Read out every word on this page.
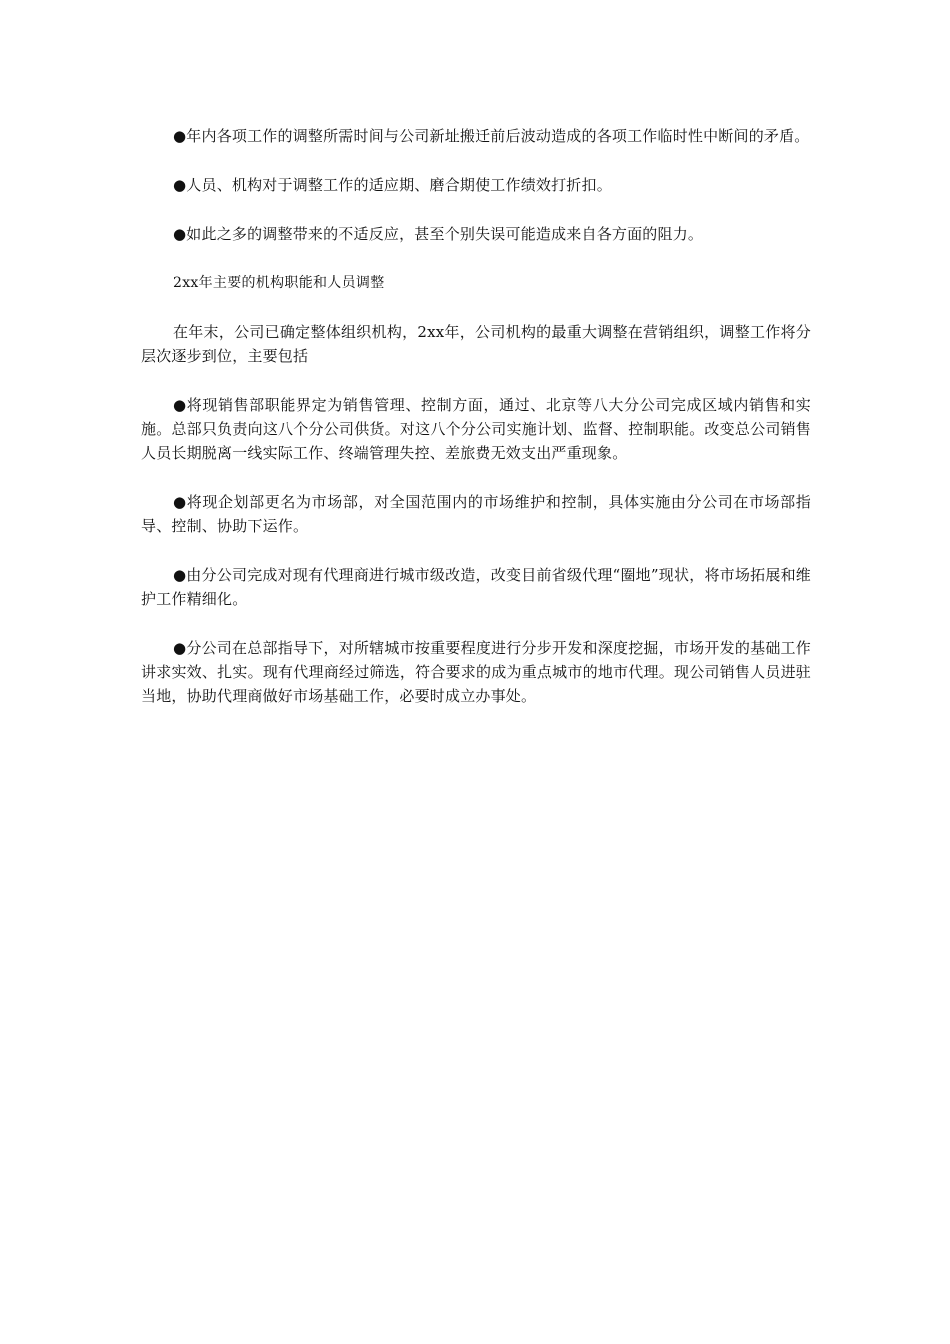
●年内各项工作的调整所需时间与公司新址搬迁前后波动造成的各项工作临时性中断间的矛盾。

●人员、机构对于调整工作的适应期、磨合期使工作绩效打折扣。

●如此之多的调整带来的不适反应，甚至个别失误可能造成来自各方面的阻力。

2xx年主要的机构职能和人员调整

在年末，公司已确定整体组织机构，2xx年，公司机构的最重大调整在营销组织，调整工作将分层次逐步到位，主要包括

●将现销售部职能界定为销售管理、控制方面，通过、北京等八大分公司完成区域内销售和实施。总部只负责向这八个分公司供货。对这八个分公司实施计划、监督、控制职能。改变总公司销售人员长期脱离一线实际工作、终端管理失控、差旅费无效支出严重现象。

●将现企划部更名为市场部，对全国范围内的市场维护和控制，具体实施由分公司在市场部指导、控制、协助下运作。

●由分公司完成对现有代理商进行城市级改造，改变目前省级代理“圈地”现状，将市场拓展和维护工作精细化。

●分公司在总部指导下，对所辖城市按重要程度进行分步开发和深度挖掘，市场开发的基础工作讲求实效、扎实。现有代理商经过筛选，符合要求的成为重点城市的地市代理。现公司销售人员进驻当地，协助代理商做好市场基础工作，必要时成立办事处。
